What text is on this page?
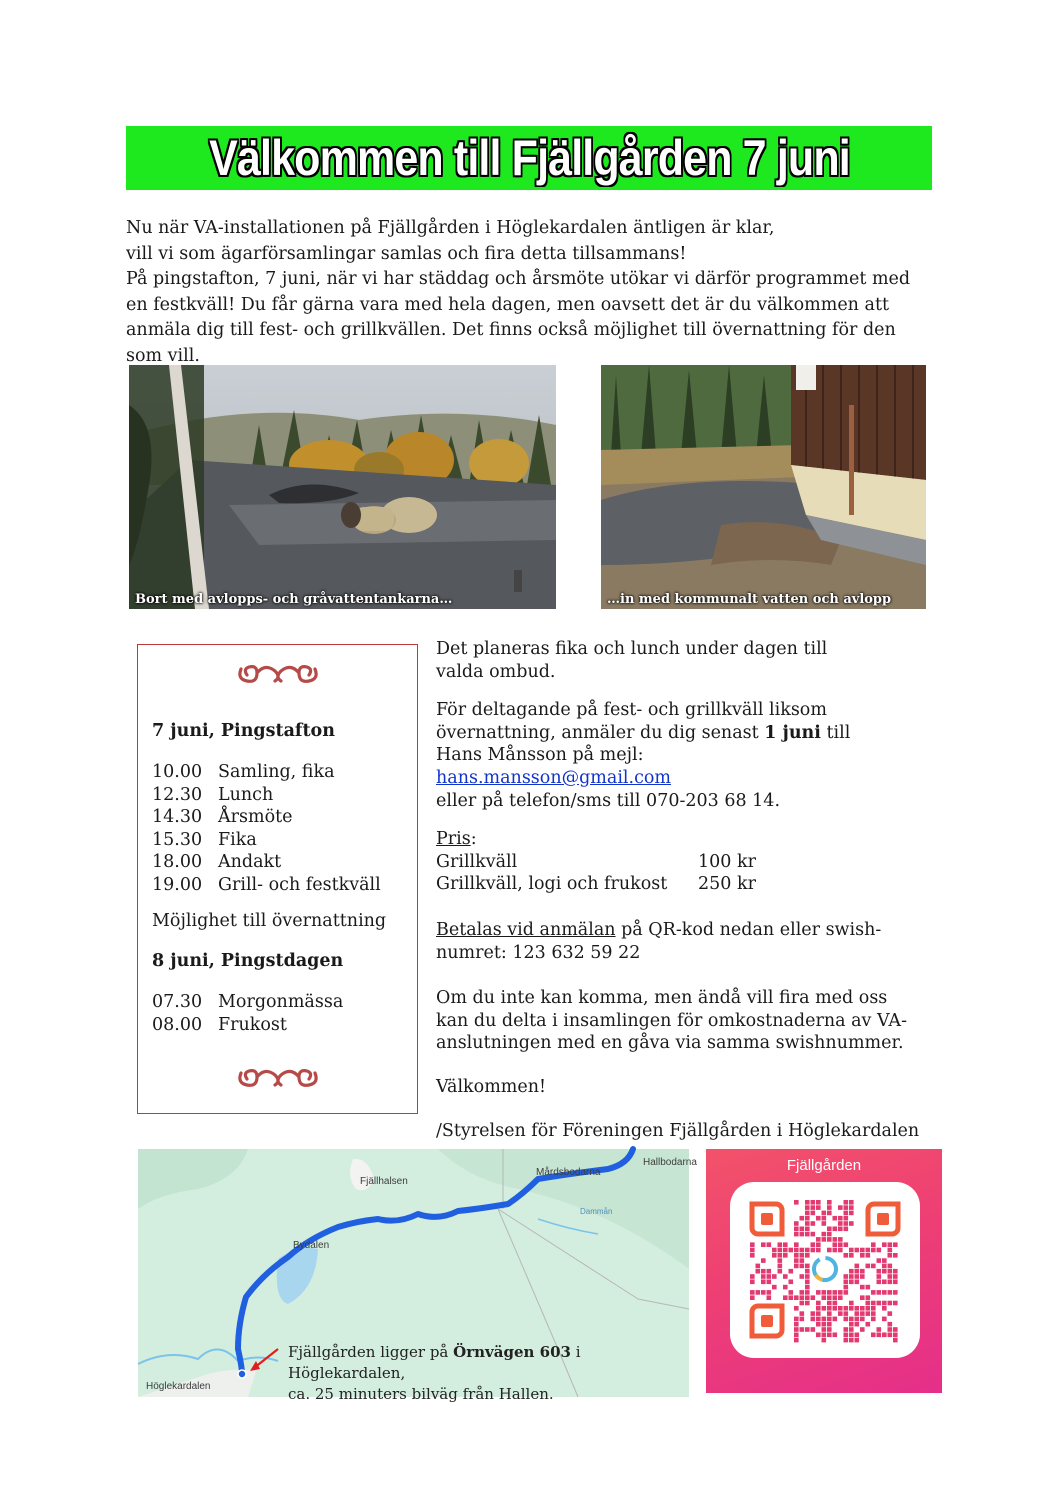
Välkommen till Fjällgården 7 juni

Nu när VA-installationen på Fjällgården i Höglekardalen äntligen är klar,

vill vi som ägarförsamlingar samlas och fira detta tillsammans!

På pingstafton, 7 juni, när vi har städdag och årsmöte utökar vi därför programmet med en festkväll! Du får gärna vara med hela dagen, men oavsett det är du välkommen att anmäla dig till fest- och grillkvällen. Det finns också möjlighet till övernattning för den som vill.

Bort med avlopps- och gråvattentankarna…	…in med kommunalt vatten och avlopp
7 juni, Pingstafton
10.00 Samling, fika
12.30 Lunch
14.30 Årsmöte
15.30 Fika
18.00 Andakt
19.00 Grill- och festkväll
Möjlighet till övernattning
8 juni, Pingstdagen
07.30 Morgonmässa
08.00 Frukost

Det planeras fika och lunch under dagen till valda ombud.

För deltagande på fest- och grillkväll liksom övernattning, anmäler du dig senast 1 juni till Hans Månsson på mejl: hans.mansson@gmail.com
eller på telefon/sms till 070-203 68 14.

Pris:

Grillkväll	100 kr
Grillkväll, logi och frukost	250 kr

Betalas vid anmälan på QR-kod nedan eller swish-numret: 123 632 59 22

Om du inte kan komma, men ändå vill fira med oss kan du delta i insamlingen för omkostnaderna av VA-anslutningen med en gåva via samma swishnummer.

Välkommen!

/Styrelsen för Föreningen Fjällgården i Höglekardalen

Fjällhalsen
Mårdsbodarna
Hallbodarna
Bydalen
Dammån
Höglekardalen
Fjällgården ligger på Örnvägen 603 i Höglekardalen,
ca. 25 minuters bilväg från Hallen.
Fjällgården
